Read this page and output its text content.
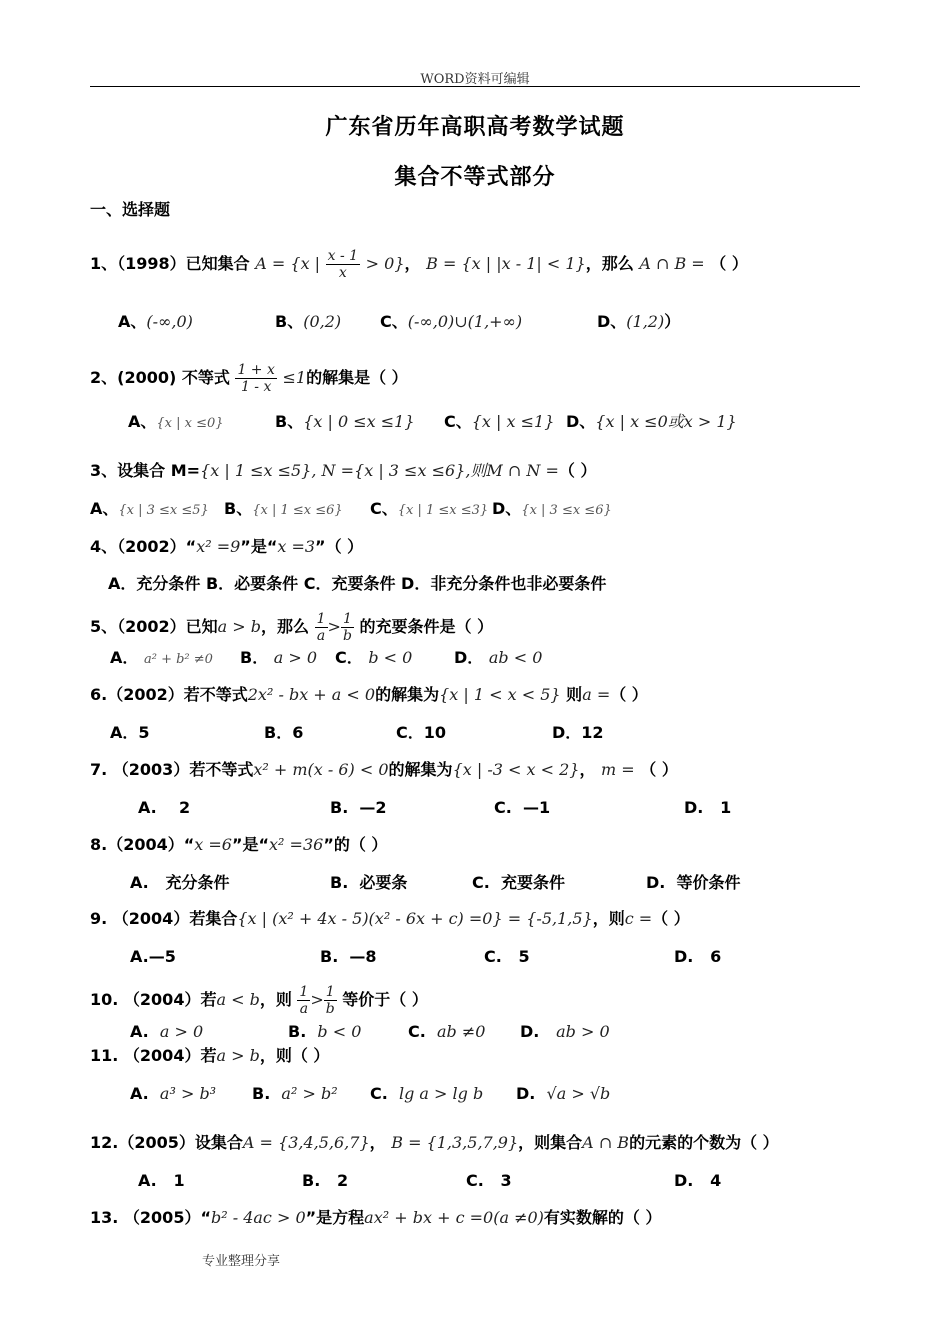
WORD资料可编辑
广东省历年高职高考数学试题
集合不等式部分
一、选择题
1、（1998）已知集合 A = {x | $\frac{x - 1}{x} > 0$}， B = {x | |x - 1| < 1}，那么 A ∩ B = （ ）
A、(-∞,0)	B、(0,2) C、(-∞,0)∪(1,+∞)	D、(1,2)）
2、(2000) 不等式 $\frac{1 + x}{1 - x} \le 1$的解集是（ ）
A、{x | x ≤0}	B、{x | 0 ≤x ≤1} C、{x | x ≤1} D、{x | x ≤0或x > 1}
3、设集合 M={x | 1 ≤x ≤5}, N ={x | 3 ≤x ≤6},则M ∩ N =（ ）
A、{x | 3 ≤x ≤5} B、{x | 1 ≤x ≤6} C、{x | 1 ≤x ≤3} D、{x | 3 ≤x ≤6}
4、（2002）“x² =9”是“x =3”（ ）
A．充分条件 B．必要条件 C．充要条件 D．非充分条件也非必要条件
5、（2002）已知a > b，那么 $\frac{1}{a} > \frac{1}{b}$ 的充要条件是（ ）
A． a² + b² ≠0 B． a > 0 C． b < 0	D． ab < 0
6.（2002）若不等式2x² - bx + a < 0的解集为{x | 1 < x < 5} 则a =（ ）
A．5	B．6	C．10	D．12
7. （2003）若不等式x² + m(x - 6) < 0的解集为{x | -3 < x < 2}， m = （ ）
A. 2	B. —2	C. —1	D. 1
8.（2004）“x =6”是“x² =36”的（ ）
A. 充分条件	B. 必要条	C. 充要条件	D. 等价条件
9. （2004）若集合{x | (x² + 4x - 5)(x² - 6x + c) =0} = {-5,1,5}，则c =（ ）
A.—5	B. —8	C. 5	D. 6
10. （2004）若a < b，则 $\frac{1}{a} > \frac{1}{b}$ 等价于（ ）
A. a > 0	B. b < 0	C. ab ≠0 D. ab > 0
11. （2004）若a > b，则（ ）
A. a³ > b³ B. a² > b² C. lg a > lg b D. √a > √b
12.（2005）设集合A = {3,4,5,6,7}， B = {1,3,5,7,9}，则集合A ∩ B的元素的个数为（ ）
A. 1	B. 2	C. 3	D. 4
13. （2005）“b² - 4ac > 0”是方程ax² + bx + c =0(a ≠0)有实数解的（ ）
专业整理分享
